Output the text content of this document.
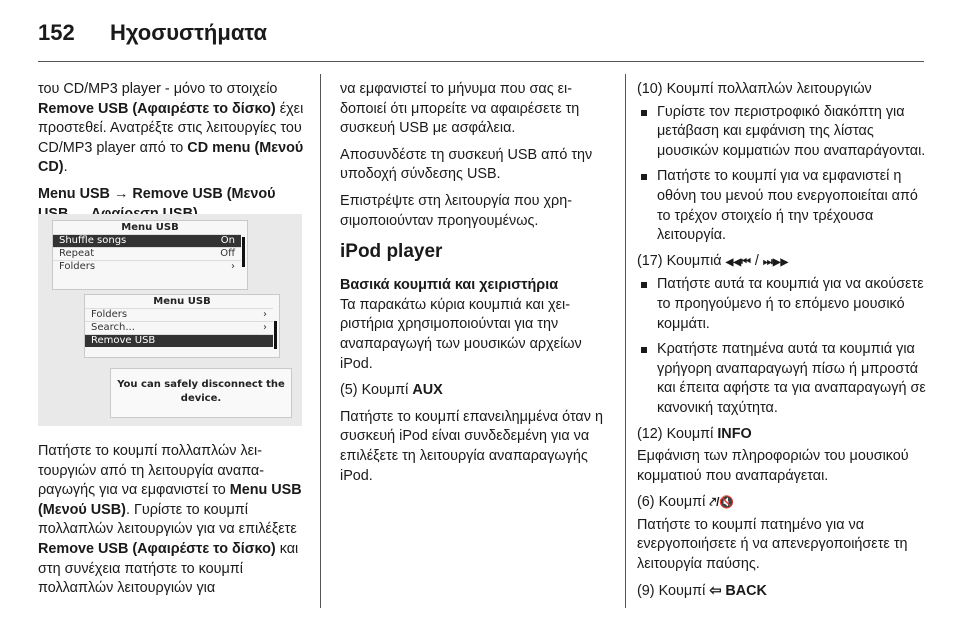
152 Ηχοσυστήματα

του CD/MP3 player - μόνο το στοιχείο Remove USB (Αφαιρέστε το δίσκο) έχει προστεθεί. Ανατρέξτε στις λειτουργίες του CD/MP3 player από το CD menu (Μενού CD).

Menu USB → Remove USB (Μενού

Menu USB
Shuffle songs	On
Repeat	Off
Folders	›
Menu USB
Folders	›
Search...	›
Remove USB
You can safely disconnect the device.

Πατήστε το κουμπί πολλαπλών λειτουργιών από τη λειτουργία αναπαραγωγής για να εμφανιστεί το Menu USB (Μενού USB). Γυρίστε το κουμπί πολλαπλών λειτουργιών για να επιλέξετε Remove USB (Αφαιρέστε το δίσκο) και στη συνέχεια πατήστε το κουμπί πολλαπλών λειτουργιών για

να εμφανιστεί το μήνυμα που σας ειδοποιεί ότι μπορείτε να αφαιρέσετε τη συσκευή USB με ασφάλεια.

Αποσυνδέστε τη συσκευή USB από την υποδοχή σύνδεσης USB.

Επιστρέψτε στη λειτουργία που χρησιμοποιούνταν προηγουμένως.

iPod player

Βασικά κουμπιά και χειριστήρια

Τα παρακάτω κύρια κουμπιά και χειριστήρια χρησιμοποιούνται για την αναπαραγωγή των μουσικών αρχείων iPod.

(5) Κουμπί AUX

Πατήστε το κουμπί επανειλημμένα όταν η συσκευή iPod είναι συνδεδεμένη για να επιλέξετε τη λειτουργία αναπαραγωγής iPod.

(10) Κουμπί πολλαπλών λειτουργιών

Γυρίστε τον περιστροφικό διακόπτη για μετάβαση και εμφάνιση της λίστας μουσικών κομματιών που αναπαράγονται.
Πατήστε το κουμπί για να εμφανιστεί η οθόνη του μενού που ενεργοποιείται από το τρέχον στοιχείο ή την τρέχουσα λειτουργία.

(17) Κουμπιά ◀◀⏮ / ⏭▶▶

Πατήστε αυτά τα κουμπιά για να ακούσετε το προηγούμενο ή το επόμενο μουσικό κομμάτι.
Κρατήστε πατημένα αυτά τα κουμπιά για γρήγορη αναπαραγωγή πίσω ή μπροστά και έπειτα αφήστε τα για αναπαραγωγή σε κανονική ταχύτητα.

(12) Κουμπί INFO

Εμφάνιση των πληροφοριών του μουσικού κομματιού που αναπαράγεται.

(6) Κουμπί ⤤/🔇

Πατήστε το κουμπί πατημένο για να ενεργοποιήσετε ή να απενεργοποιήσετε τη λειτουργία παύσης.

(9) Κουμπί ⇦ BACK
